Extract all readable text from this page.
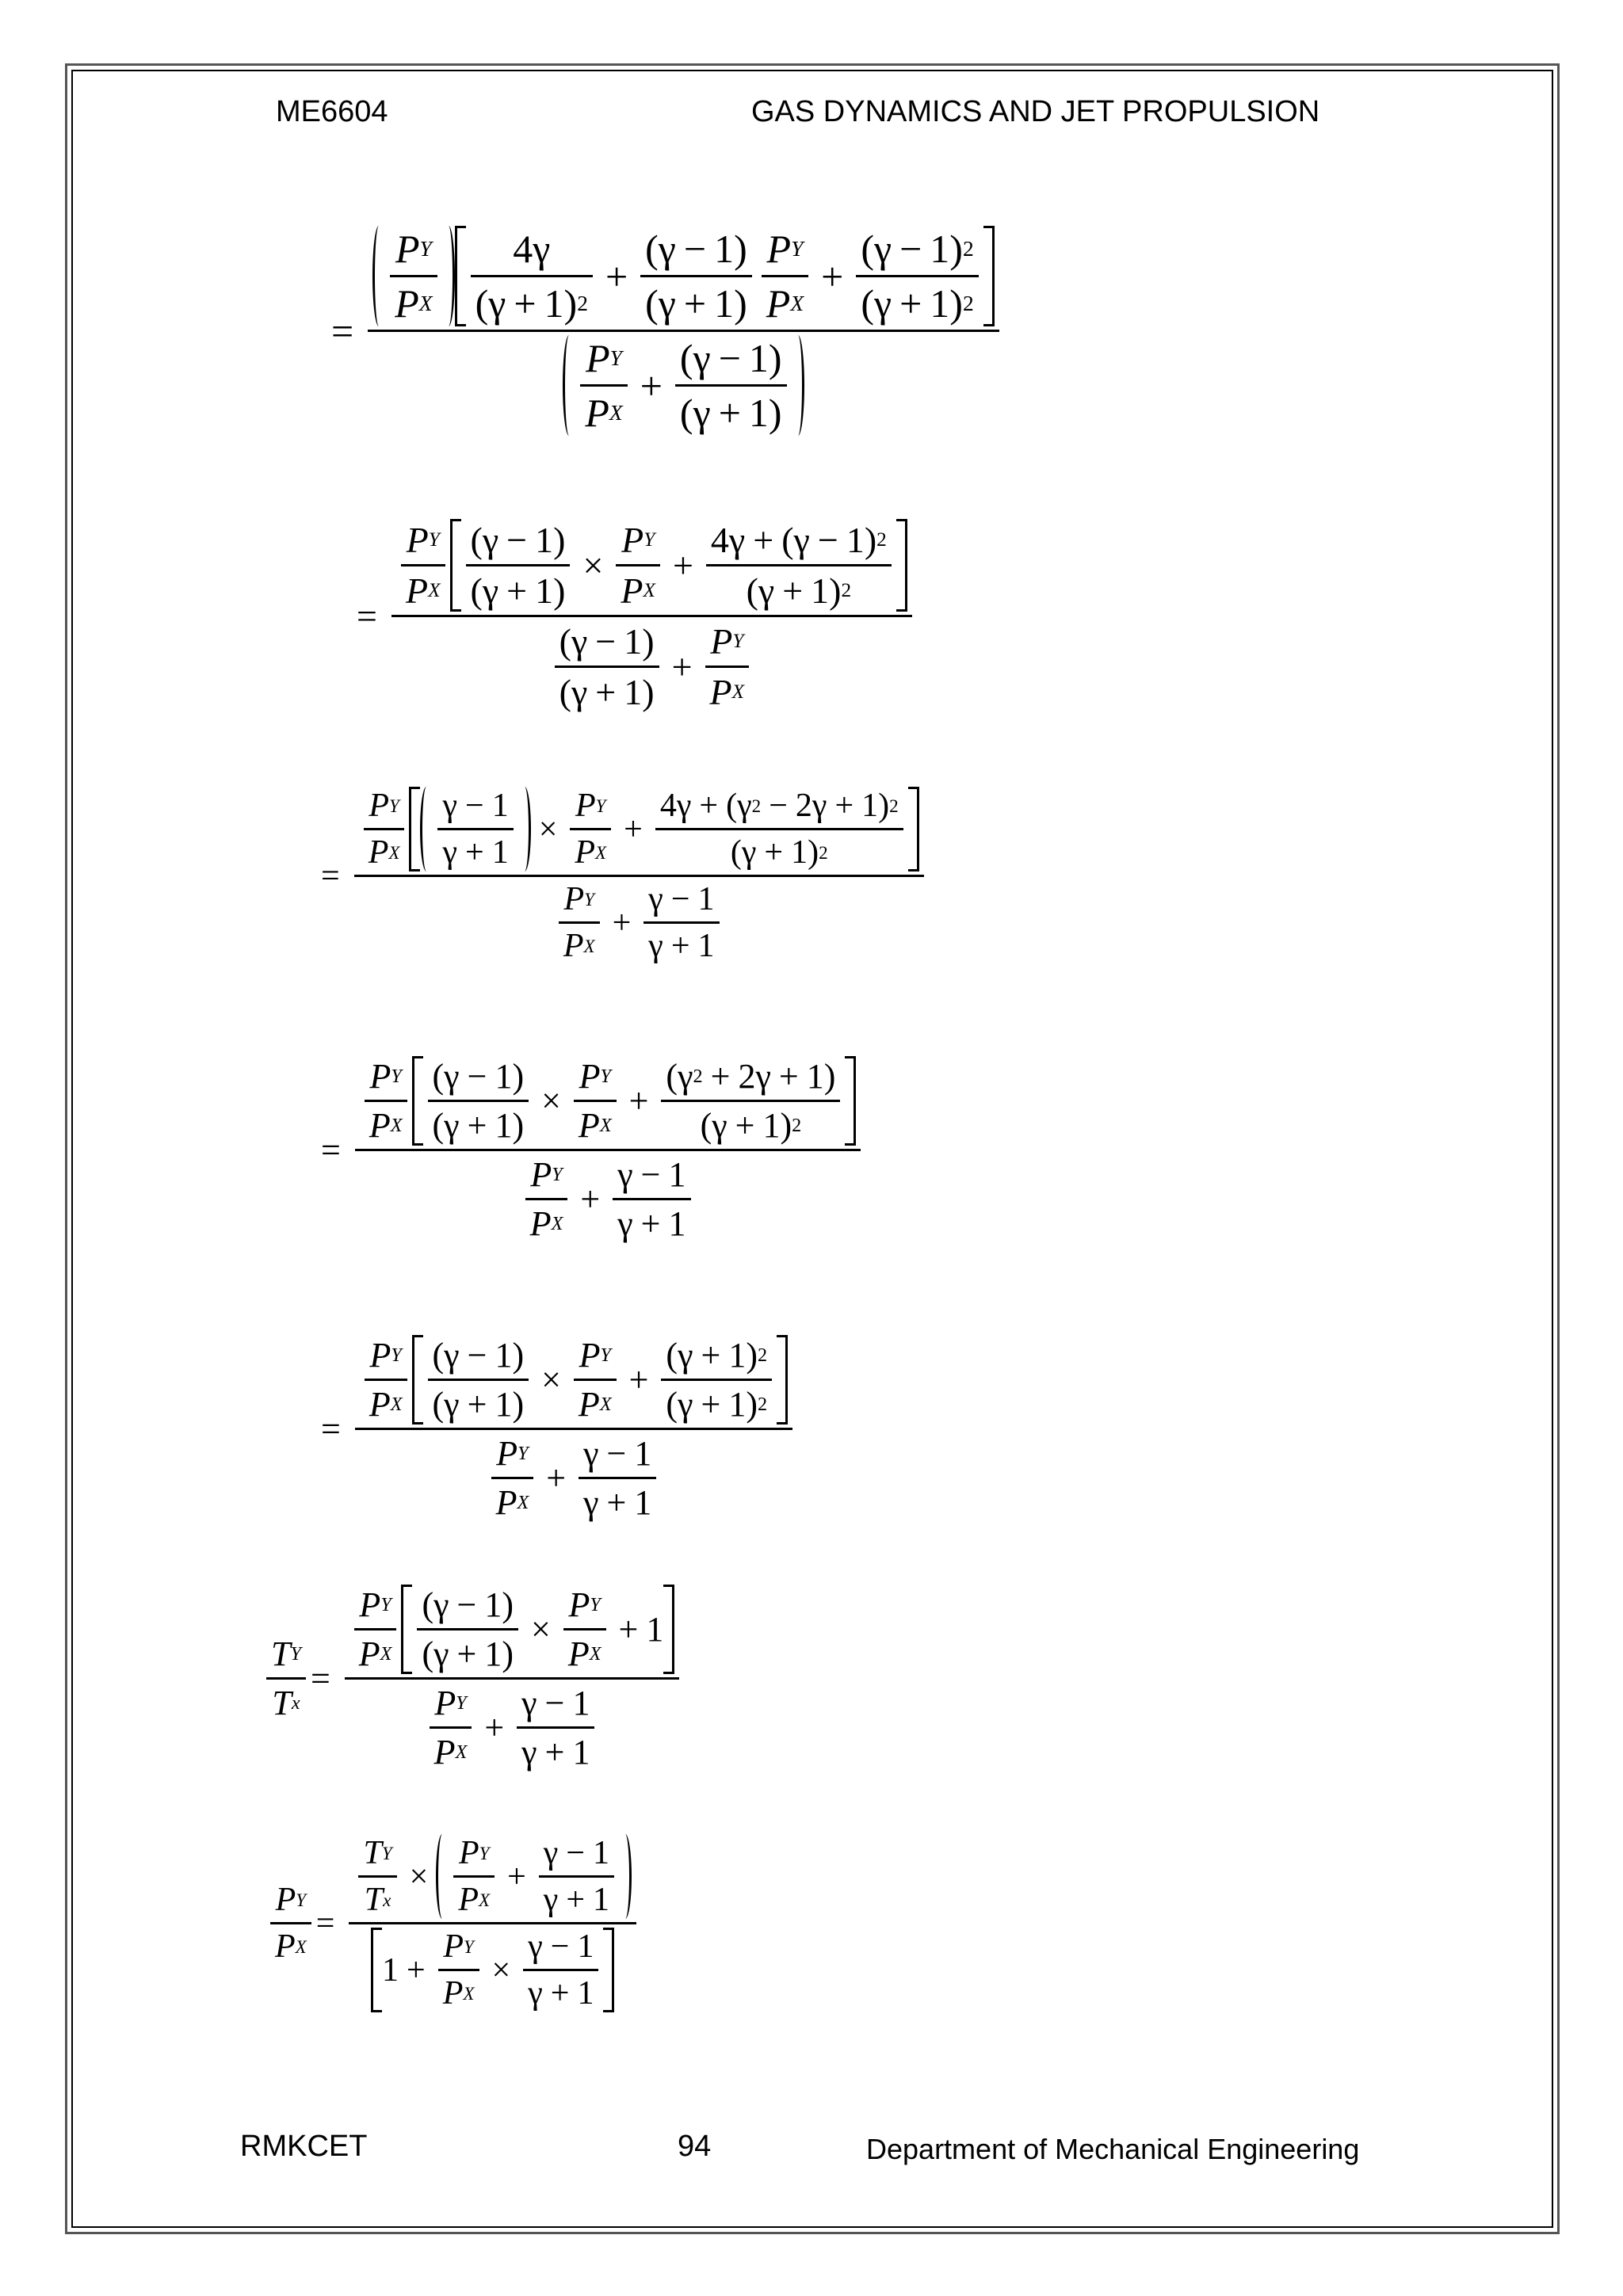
ME6604	GAS DYNAMICS AND JET PROPULSION
=
$\frac{\text{P Y}}{\text{P X}} \frac{4 \gamma}{( \gamma + 1 ) 2} + \frac{( \gamma - 1 )}{( \gamma + 1 )} \frac{\text{P Y}}{\text{P X}} + \frac{( \gamma - 1 ) 2}{( \gamma + 1 ) 2}$
$\frac{\text{P Y}}{\text{P X}} + \frac{( \gamma - 1 )}{( \gamma + 1 )}$
=
$\frac{\text{P Y}}{\text{P X}} \frac{( \gamma - 1 )}{( \gamma + 1 )} \times \frac{\text{P Y}}{\text{P X}} + \frac{4 \gamma + ( \gamma - 1 ) 2}{( \gamma + 1 ) 2}$
$\frac{( \gamma - 1 )}{( \gamma + 1 )} + \frac{\text{P Y}}{\text{P X}}$
=
$\frac{\text{P Y}}{\text{P X}} \frac{\gamma - 1}{\gamma + 1} \times \frac{\text{P Y}}{\text{P X}} + \frac{4 \gamma + ( \gamma 2 - 2 \gamma + 1 ) 2}{( \gamma + 1 ) 2}$
$\frac{\text{P Y}}{\text{P X}} + \frac{\gamma - 1}{\gamma + 1}$
=
$\frac{\text{P Y}}{\text{P X}} \frac{( \gamma - 1 )}{( \gamma + 1 )} \times \frac{\text{P Y}}{\text{P X}} + \frac{( \gamma 2 + 2 \gamma + 1 )}{( \gamma + 1 ) 2}$
$\frac{\text{P Y}}{\text{P X}} + \frac{\gamma - 1}{\gamma + 1}$
=
$\frac{\text{P Y}}{\text{P X}} \frac{( \gamma - 1 )}{( \gamma + 1 )} \times \frac{\text{P Y}}{\text{P X}} + \frac{( \gamma + 1 ) 2}{( \gamma + 1 ) 2}$
$\frac{\text{P Y}}{\text{P X}} + \frac{\gamma - 1}{\gamma + 1}$
$\frac{\text{T Y}}{\text{T x}}$ =
$\frac{\text{P Y}}{\text{P X}} \frac{( \gamma - 1 )}{( \gamma + 1 )} \times \frac{\text{P Y}}{\text{P X}} + 1$
$\frac{\text{P Y}}{\text{P X}} + \frac{\gamma - 1}{\gamma + 1}$
$\frac{\text{P Y}}{\text{P X}} = \frac{\frac{\text{T Y}}{\text{T x}} \times \frac{\text{P Y}}{\text{P X}} + \frac{\gamma - 1}{\gamma + 1}}{1 + \frac{\text{P Y}}{\text{P X}} \times \frac{\gamma - 1}{\gamma + 1}}$
RMKCET	94	Department of Mechanical Engineering
